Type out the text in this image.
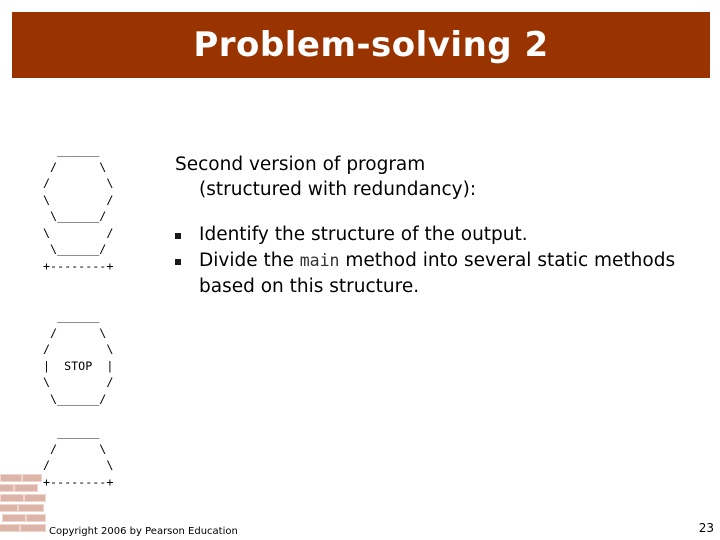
Problem-solving 2
______
/      \
/        \
\        /
\______/
\        /
\______/
+--------+
______
/      \
/        \
|  STOP  |
\        /
\______/
______
/      \
/        \
+--------+

Second version of program
(structured with redundancy):

Identify the structure of the output.
Divide the main method into several static methods based on this structure.
Copyright 2006 by Pearson Education	23
